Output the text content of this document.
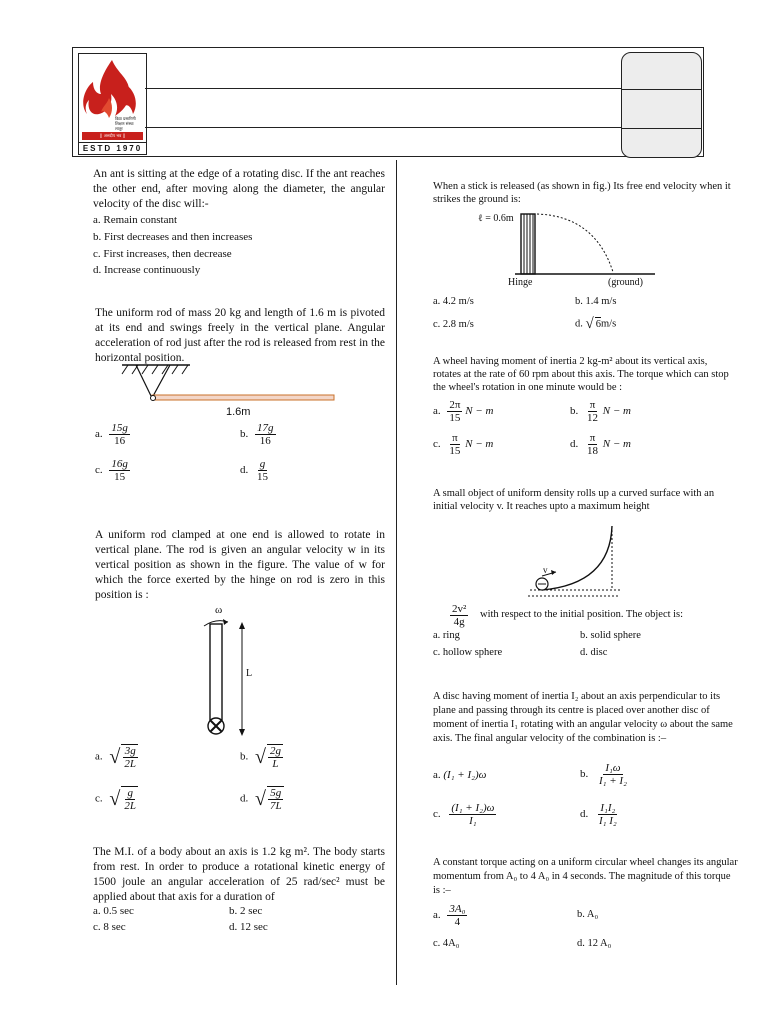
विद्या प्रसारिणी
शिक्षण संस्था
लातूर
|| अत्तदीप भव ||
ESTD 1970
An ant is sitting at the edge of a rotating disc. If the ant reaches the other end, after moving along the diameter, the angular velocity of the disc will:-
a. Remain constant
b. First decreases and then increases
c. First increases, then decrease
d. Increase continuously
The uniform rod of mass 20 kg and length of 1.6 m is pivoted at its end and swings freely in the vertical plane. Angular acceleration of rod just after the rod is released from rest in the horizontal position.
1.6m
a. $\frac{15g}{16}$	b. $\frac{17g}{16}$
c. $\frac{16g}{15}$	d. $\frac{g}{15}$
A uniform rod clamped at one end is allowed to rotate in vertical plane. The rod is given an angular velocity w in its vertical position as shown in the figure. The value of w for which the force exerted by the hinge on rod is zero in this position is :
ω
L
a. √ $\frac{3g}{2L}$	b. √ $\frac{2g}{L}$
c. √ $\frac{g}{2L}$	d. √ $\frac{5g}{7L}$
The M.I. of a body about an axis is 1.2 kg m². The body starts from rest. In order to produce a rotational kinetic energy of 1500 joule an angular acceleration of 25 rad/sec² must be applied about that axis for a duration of
a. 0.5 sec	b. 2 sec
c. 8 sec	d. 12 sec
When a stick is released (as shown in fig.) Its free end velocity when it strikes the ground is:
ℓ = 0.6m
Hinge	(ground)
a. 4.2 m/s	b. 1.4 m/s
c. 2.8 m/s	d. √ 6 m/s
A wheel having moment of inertia 2 kg-m² about its vertical axis, rotates at the rate of 60 rpm about this axis. The torque which can stop the wheel's rotation in one minute would be :
a. $\frac{2\pi}{15}$ N − m	b. $\frac{\pi}{12}$ N − m
c. $\frac{\pi}{15}$ N − m	d. $\frac{\pi}{18}$ N − m
A small object of uniform density rolls up a curved surface with an initial velocity v. It reaches upto a maximum height
v
$\frac{\text{2v²}}{4g}$ with respect to the initial position. The object is:
a. ring	b. solid sphere
c. hollow sphere	d. disc
A disc having moment of inertia I₂ about an axis perpendicular to its plane and passing through its centre is placed over another disc of moment of inertia I₁ rotating with an angular velocity ω about the same axis. The final angular velocity of the combination is :–
a. (I₁ + I₂)ω	b. $\frac{\text{I₁ω}}{\text{I₁ + I₂}}$
c. $\frac{\text{(I₁ + I₂)ω}}{\text{I₁}}$	d. $\frac{\text{I₁I₂}}{\text{I₁ I₂}}$
A constant torque acting on a uniform circular wheel changes its angular momentum from A₀ to 4 A₀ in 4 seconds. The magnitude of this torque is :–
a. $\frac{\text{3A₀}}{4}$	b. A₀
c. 4A₀	d. 12 A₀
